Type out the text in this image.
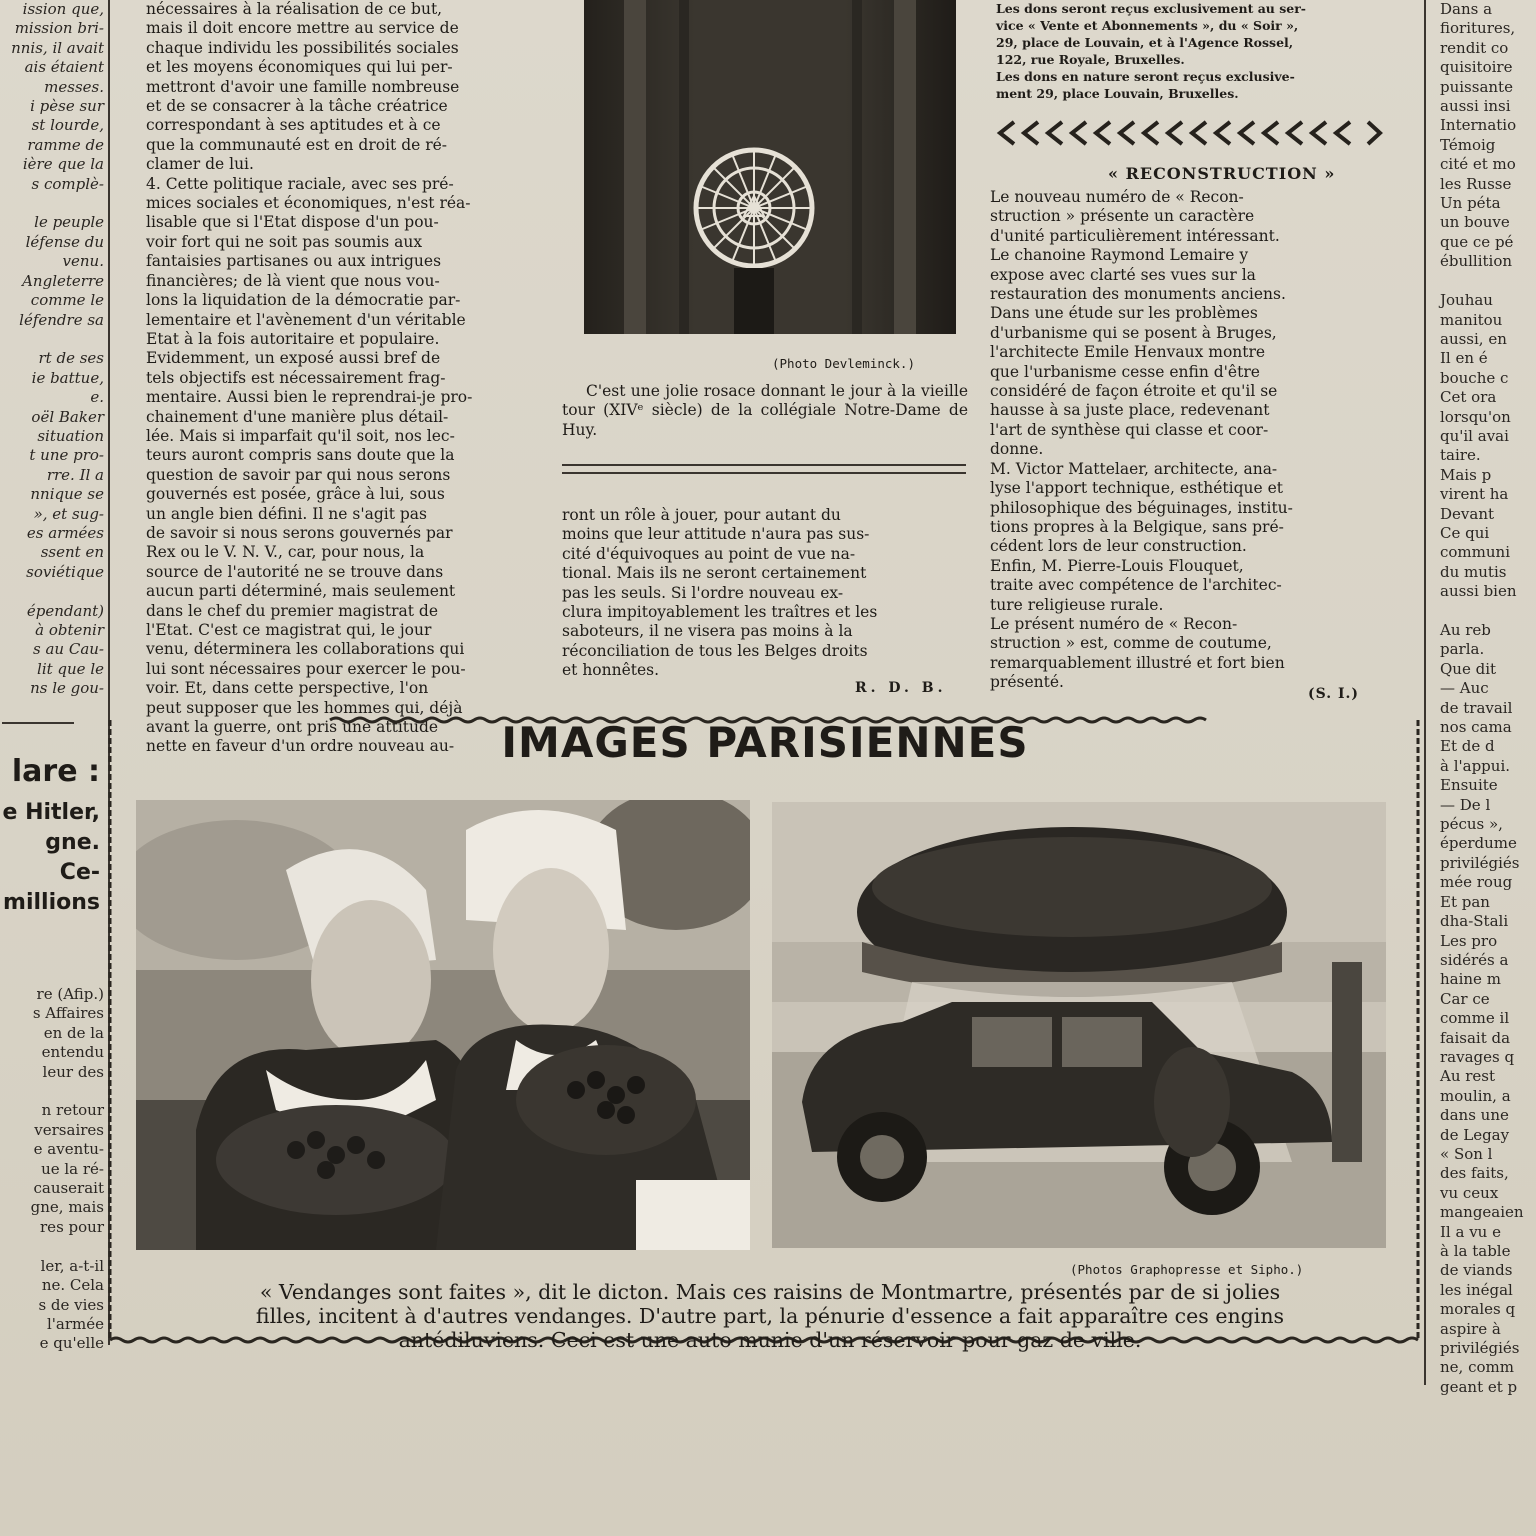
ission que,

mission bri-

nnis, il avait

ais étaient

messes.

i pèse sur

st lourde,

ramme de

ière que la

s complè-

le peuple

léfense du

venu.

Angleterre

comme le

léfendre sa

rt de ses

ie battue,

e.

oël Baker

situation

t une pro-

rre. Il a

nnique se

», et sug-

es armées

ssent en

soviétique

épendant)

à obtenir

s au Cau-

lit que le

ns le gou-

lare :
e Hitler,
gne. Ce-
millions

re (Afip.)

s Affaires

en de la

entendu

leur des

n retour

versaires

e aventu-

ue la ré-

causerait

gne, mais

res pour

ler, a-t-il

ne. Cela

s de vies

l'armée

e qu'elle

nécessaires à la réalisation de ce but,

mais il doit encore mettre au service de

chaque individu les possibilités sociales

et les moyens économiques qui lui per-

mettront d'avoir une famille nombreuse

et de se consacrer à la tâche créatrice

correspondant à ses aptitudes et à ce

que la communauté est en droit de ré-

clamer de lui.

4. Cette politique raciale, avec ses pré-

mices sociales et économiques, n'est réa-

lisable que si l'Etat dispose d'un pou-

voir fort qui ne soit pas soumis aux

fantaisies partisanes ou aux intrigues

financières; de là vient que nous vou-

lons la liquidation de la démocratie par-

lementaire et l'avènement d'un véritable

Etat à la fois autoritaire et populaire.

Evidemment, un exposé aussi bref de

tels objectifs est nécessairement frag-

mentaire. Aussi bien le reprendrai-je pro-

chainement d'une manière plus détail-

lée. Mais si imparfait qu'il soit, nos lec-

teurs auront compris sans doute que la

question de savoir par qui nous serons

gouvernés est posée, grâce à lui, sous

un angle bien défini. Il ne s'agit pas

de savoir si nous serons gouvernés par

Rex ou le V. N. V., car, pour nous, la

source de l'autorité ne se trouve dans

aucun parti déterminé, mais seulement

dans le chef du premier magistrat de

l'Etat. C'est ce magistrat qui, le jour

venu, déterminera les collaborations qui

lui sont nécessaires pour exercer le pou-

voir. Et, dans cette perspective, l'on

peut supposer que les hommes qui, déjà

avant la guerre, ont pris une attitude

nette en faveur d'un ordre nouveau au-

(Photo Devleminck.)
C'est une jolie rosace donnant le jour à la vieille tour (XIVᵉ siècle) de la collégiale Notre-Dame de Huy.

ront un rôle à jouer, pour autant du

moins que leur attitude n'aura pas sus-

cité d'équivoques au point de vue na-

tional. Mais ils ne seront certainement

pas les seuls. Si l'ordre nouveau ex-

clura impitoyablement les traîtres et les

saboteurs, il ne visera pas moins à la

réconciliation de tous les Belges droits

et honnêtes.

R. D. B.

Les dons seront reçus exclusivement au ser-

vice « Vente et Abonnements », du « Soir »,

29, place de Louvain, et à l'Agence Rossel,

122, rue Royale, Bruxelles.

Les dons en nature seront reçus exclusive-

ment 29, place Louvain, Bruxelles.

« RECONSTRUCTION »

Le nouveau numéro de « Recon-

struction » présente un caractère

d'unité particulièrement intéressant.

Le chanoine Raymond Lemaire y

expose avec clarté ses vues sur la

restauration des monuments anciens.

Dans une étude sur les problèmes

d'urbanisme qui se posent à Bruges,

l'architecte Emile Henvaux montre

que l'urbanisme cesse enfin d'être

considéré de façon étroite et qu'il se

hausse à sa juste place, redevenant

l'art de synthèse qui classe et coor-

donne.

M. Victor Mattelaer, architecte, ana-

lyse l'apport technique, esthétique et

philosophique des béguinages, institu-

tions propres à la Belgique, sans pré-

cédent lors de leur construction.

Enfin, M. Pierre-Louis Flouquet,

traite avec compétence de l'architec-

ture religieuse rurale.

Le présent numéro de « Recon-

struction » est, comme de coutume,

remarquablement illustré et fort bien

présenté.

(S. I.)

Dans a

fioritures,

rendit co

quisitoire

puissante

aussi insi

Internatio

Témoig

cité et mo

les Russe

Un péta

un bouve

que ce pé

ébullition

Jouhau

manitou

aussi, en

Il en é

bouche c

Cet ora

lorsqu'on

qu'il avai

taire.

Mais p

virent ha

Devant

Ce qui

communi

du mutis

aussi bien

Au reb

parla.

Que dit

— Auc

de travail

nos cama

Et de d

à l'appui.

Ensuite

— De l

pécus »,

éperdume

privilégiés

mée roug

Et pan

dha-Stali

Les pro

sidérés a

haine m

Car ce

comme il

faisait da

ravages q

Au rest

moulin, a

dans une

de Legay

« Son l

des faits,

vu ceux

mangeaien

Il a vu e

à la table

de viands

les inégal

morales q

aspire à

privilégiés

ne, comm

geant et p

IMAGES PARISIENNES
(Photos Graphopresse et Sipho.)
« Vendanges sont faites », dit le dicton. Mais ces raisins de Montmartre, présentés par de si jolies
filles, incitent à d'autres vendanges. D'autre part, la pénurie d'essence a fait apparaître ces engins
antédiluviens. Ceci est une auto munie d'un réservoir pour gaz de ville.
